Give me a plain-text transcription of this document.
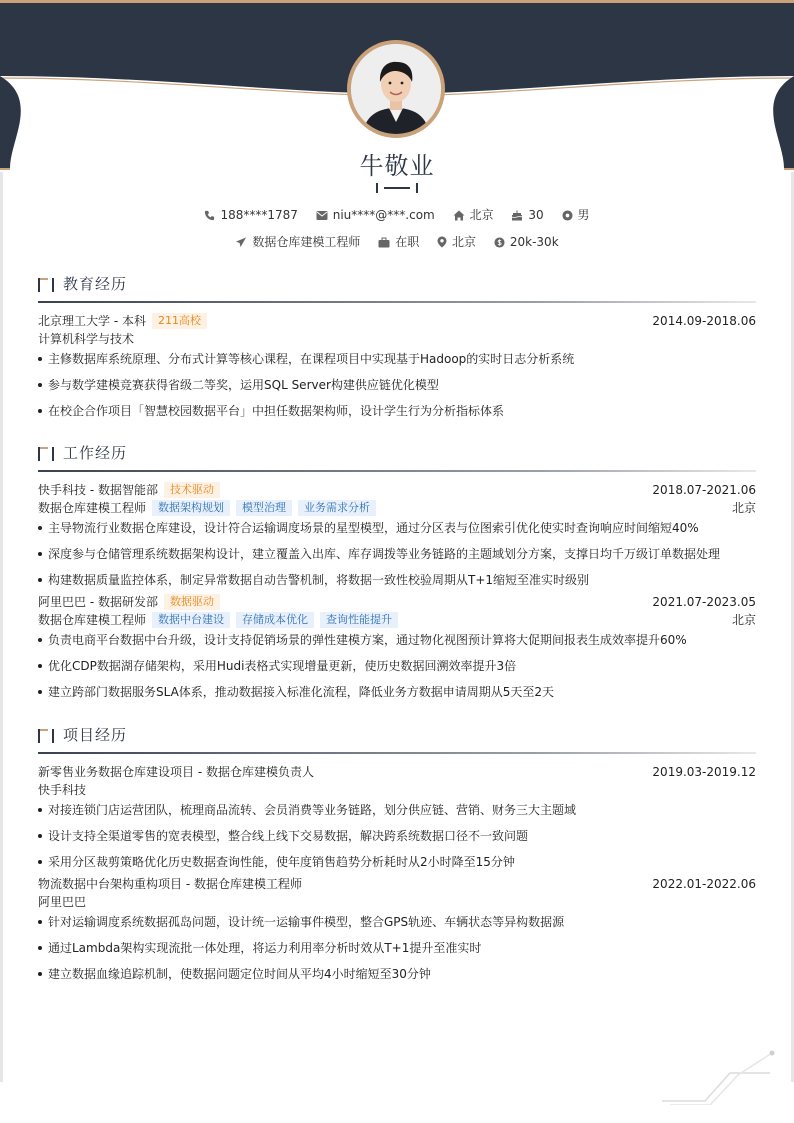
牛敬业
188****1787	niu****@***.com	北京	30	男
数据仓库建模工程师	在职	北京	20k-30k
教育经历
北京理工大学 - 本科 211高校	2014.09-2018.06
计算机科学与技术
主修数据库系统原理、分布式计算等核心课程，在课程项目中实现基于Hadoop的实时日志分析系统
参与数学建模竞赛获得省级二等奖，运用SQL Server构建供应链优化模型
在校企合作项目「智慧校园数据平台」中担任数据架构师，设计学生行为分析指标体系
工作经历
快手科技 - 数据智能部 技术驱动	2018.07-2021.06
数据仓库建模工程师 数据架构规划 模型治理 业务需求分析	北京
主导物流行业数据仓库建设，设计符合运输调度场景的星型模型，通过分区表与位图索引优化使实时查询响应时间缩短40%
深度参与仓储管理系统数据架构设计，建立覆盖入出库、库存调拨等业务链路的主题域划分方案，支撑日均千万级订单数据处理
构建数据质量监控体系，制定异常数据自动告警机制，将数据一致性校验周期从T+1缩短至准实时级别
阿里巴巴 - 数据研发部 数据驱动	2021.07-2023.05
数据仓库建模工程师 数据中台建设 存储成本优化 查询性能提升	北京
负责电商平台数据中台升级，设计支持促销场景的弹性建模方案，通过物化视图预计算将大促期间报表生成效率提升60%
优化CDP数据湖存储架构，采用Hudi表格式实现增量更新，使历史数据回溯效率提升3倍
建立跨部门数据服务SLA体系，推动数据接入标准化流程，降低业务方数据申请周期从5天至2天
项目经历
新零售业务数据仓库建设项目 - 数据仓库建模负责人	2019.03-2019.12
快手科技
对接连锁门店运营团队，梳理商品流转、会员消费等业务链路，划分供应链、营销、财务三大主题域
设计支持全渠道零售的宽表模型，整合线上线下交易数据，解决跨系统数据口径不一致问题
采用分区裁剪策略优化历史数据查询性能，使年度销售趋势分析耗时从2小时降至15分钟
物流数据中台架构重构项目 - 数据仓库建模工程师	2022.01-2022.06
阿里巴巴
针对运输调度系统数据孤岛问题，设计统一运输事件模型，整合GPS轨迹、车辆状态等异构数据源
通过Lambda架构实现流批一体处理，将运力利用率分析时效从T+1提升至准实时
建立数据血缘追踪机制，使数据问题定位时间从平均4小时缩短至30分钟
